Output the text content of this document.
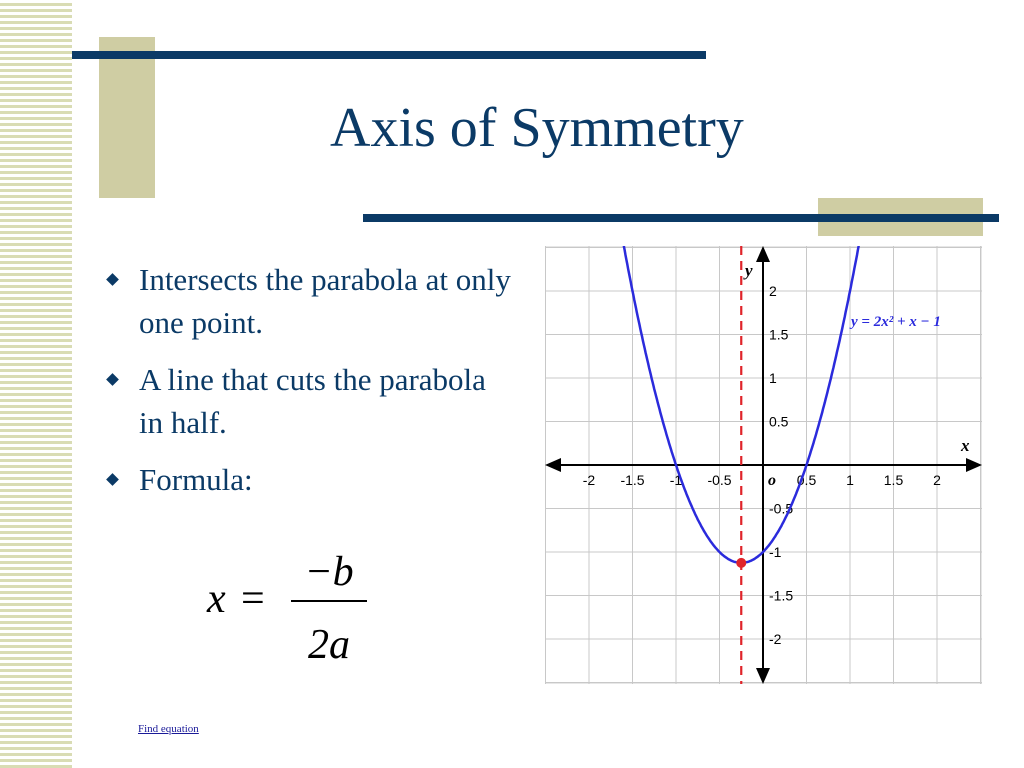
Axis of Symmetry
Intersects the parabola at only one point.
A line that cuts the parabola in half.
Formula:
x =
−b
2a
-2 -1.5 -1 -0.5	0.5 1 1.5 2
2
1.5
1
0.5
-0.5
-1
-1.5
-2
x
y
o
y = 2x² + x − 1
Find equation
